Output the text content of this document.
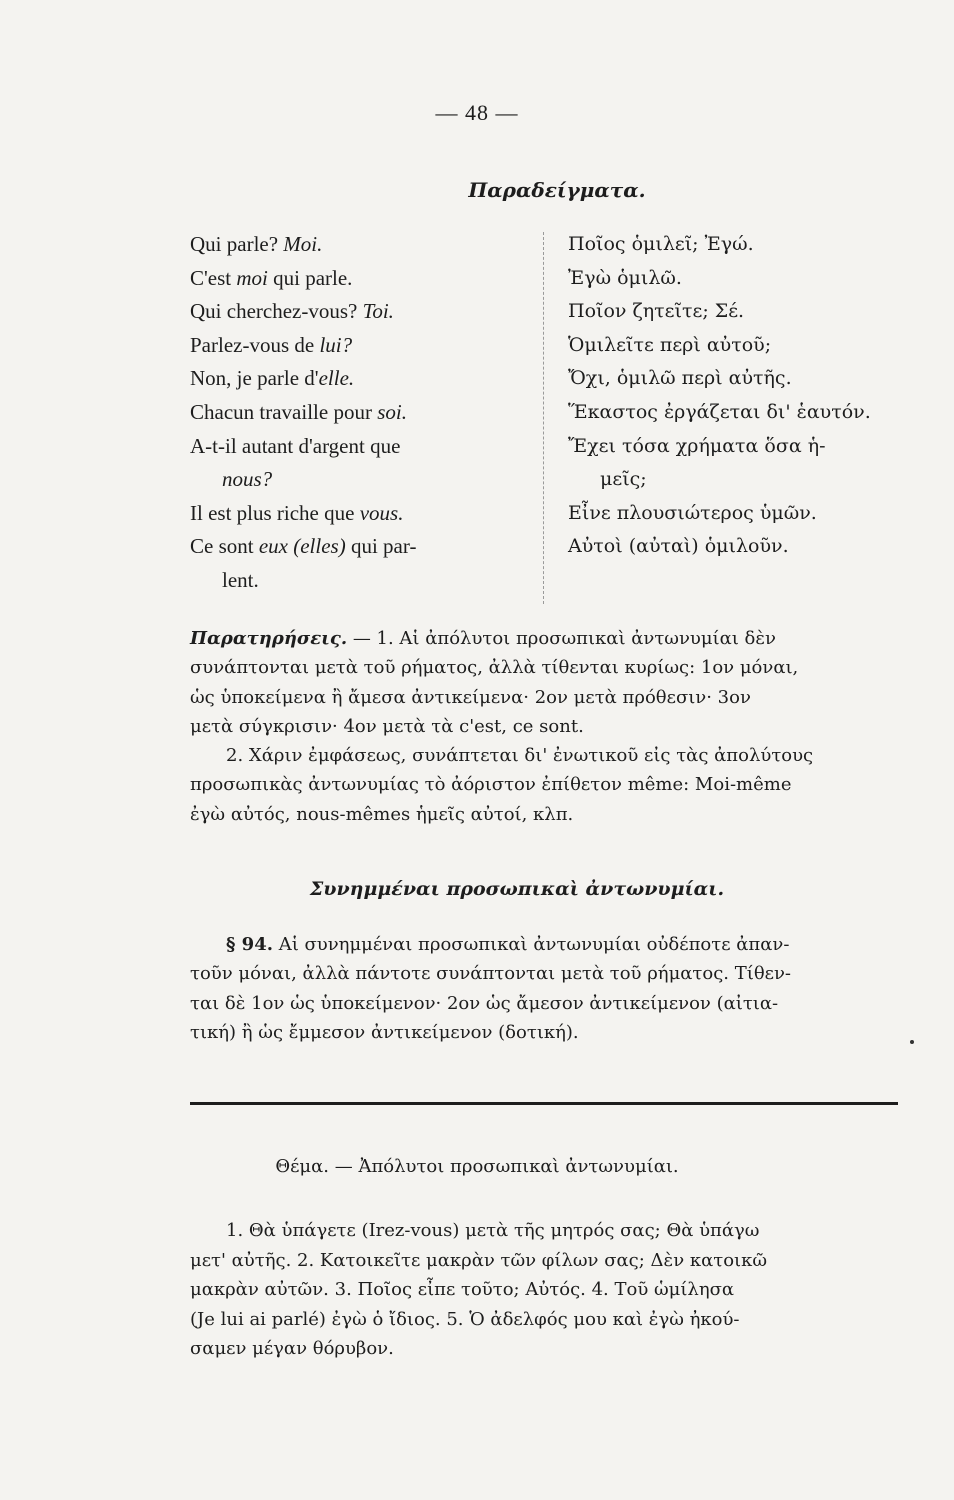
— 48 —
Παραδείγματα.
Qui parle? Moi.
C'est moi qui parle.
Qui cherchez-vous? Toi.
Parlez-vous de lui?
Non, je parle d'elle.
Chacun travaille pour soi.
A-t-il autant d'argent que
nous?
Il est plus riche que vous.
Ce sont eux (elles) qui par-
lent.
Ποῖος ὁμιλεῖ; Ἐγώ.
Ἐγὼ ὁμιλῶ.
Ποῖον ζητεῖτε; Σέ.
Ὁμιλεῖτε περὶ αὐτοῦ;
Ὄχι, ὁμιλῶ περὶ αὐτῆς.
Ἕκαστος ἐργάζεται δι' ἑαυτόν.
Ἔχει τόσα χρήματα ὅσα ἡ-
μεῖς;
Εἶνε πλουσιώτερος ὑμῶν.
Αὐτοὶ (αὐταὶ) ὁμιλοῦν.
Παρατηρήσεις. — 1. Αἱ ἀπόλυτοι προσωπικαὶ ἀντωνυμίαι δὲν
συνάπτονται μετὰ τοῦ ρήματος, ἀλλὰ τίθενται κυρίως: 1ον μόναι,
ὡς ὑποκείμενα ἢ ἄμεσα ἀντικείμενα· 2ον μετὰ πρόθεσιν· 3ον
μετὰ σύγκρισιν· 4ον μετὰ τὰ c'est, ce sont.
2. Χάριν ἐμφάσεως, συνάπτεται δι' ἐνωτικοῦ εἰς τὰς ἀπολύτους
προσωπικὰς ἀντωνυμίας τὸ ἀόριστον ἐπίθετον même: Moi-même
ἐγὼ αὐτός, nous-mêmes ἡμεῖς αὐτοί, κλπ.
Συνημμέναι προσωπικαὶ ἀντωνυμίαι.
§ 94. Αἱ συνημμέναι προσωπικαὶ ἀντωνυμίαι οὐδέποτε ἀπαν-
τοῦν μόναι, ἀλλὰ πάντοτε συνάπτονται μετὰ τοῦ ρήματος. Τίθεν-
ται δὲ 1ον ὡς ὑποκείμενον· 2ον ὡς ἄμεσον ἀντικείμενον (αἰτια-
τική) ἢ ὡς ἔμμεσον ἀντικείμενον (δοτική).
Θέμα. — Ἀπόλυτοι προσωπικαὶ ἀντωνυμίαι.
1. Θὰ ὑπάγετε (Irez-vous) μετὰ τῆς μητρός σας; Θὰ ὑπάγω
μετ' αὐτῆς. 2. Κατοικεῖτε μακρὰν τῶν φίλων σας; Δὲν κατοικῶ
μακρὰν αὐτῶν. 3. Ποῖος εἶπε τοῦτο; Αὐτός. 4. Τοῦ ὡμίλησα
(Je lui ai parlé) ἐγὼ ὁ ἴδιος. 5. Ὁ ἀδελφός μου καὶ ἐγὼ ἠκού-
σαμεν μέγαν θόρυβον.
